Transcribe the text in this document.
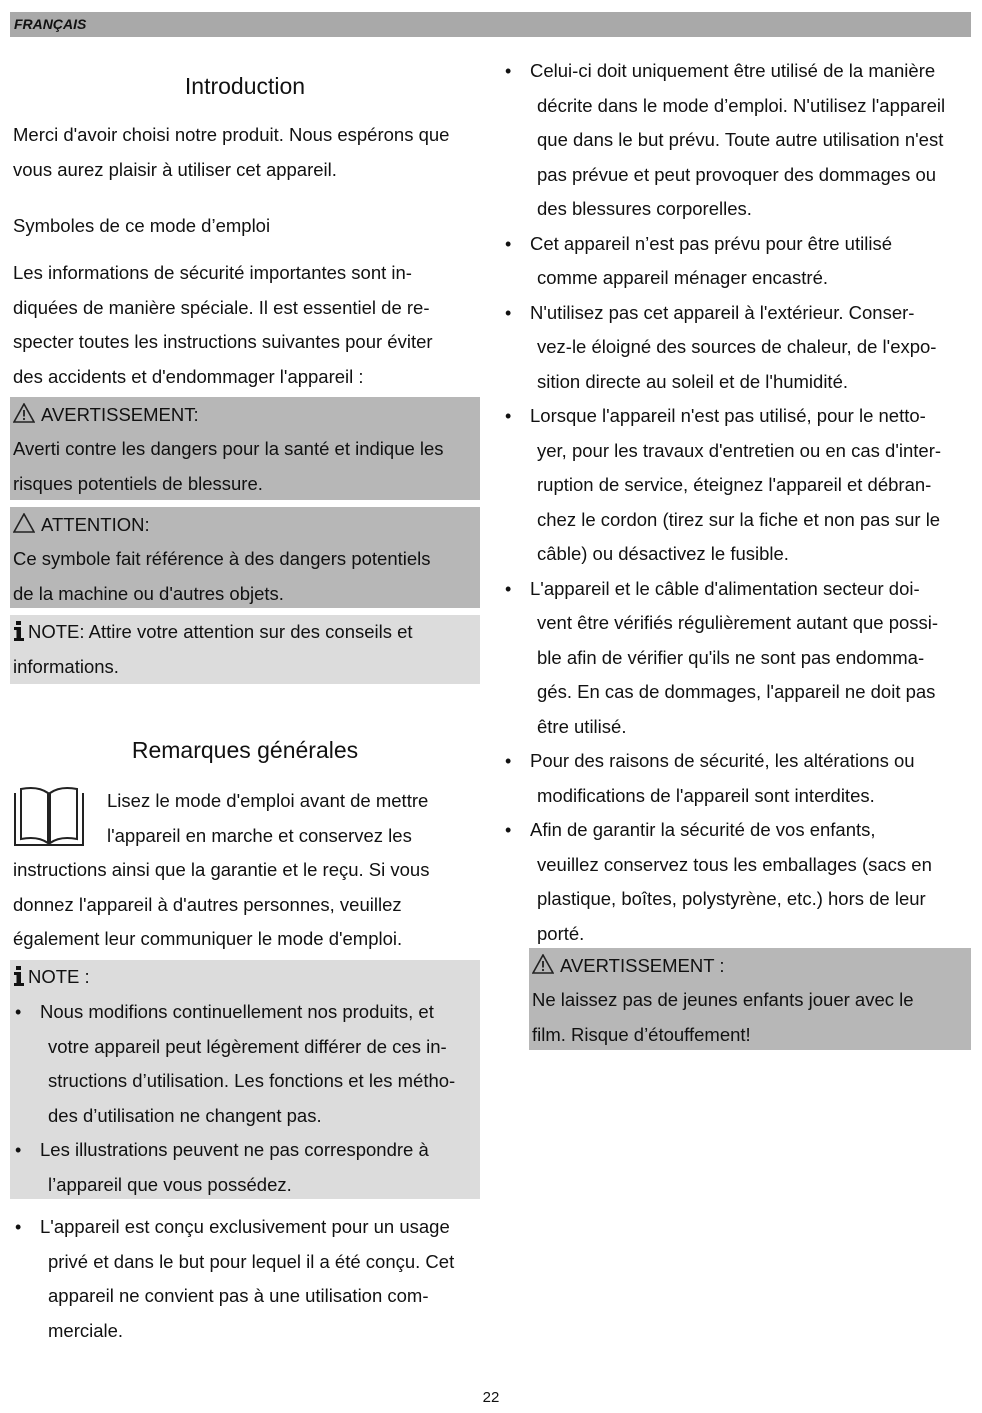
FRANÇAIS
Introduction
Merci d'avoir choisi notre produit. Nous espérons que
vous aurez plaisir à utiliser cet appareil.
Symboles de ce mode d’emploi
Les informations de sécurité importantes sont in-
diquées de manière spéciale. Il est essentiel de re-
specter toutes les instructions suivantes pour éviter
des accidents et d'endommager l'appareil :
AVERTISSEMENT:
Averti contre les dangers pour la santé et indique les
risques potentiels de blessure.
ATTENTION:
Ce symbole fait référence à des dangers potentiels
de la machine ou d'autres objets.
NOTE: Attire votre attention sur des conseils et
informations.
Remarques générales
Lisez le mode d'emploi avant de mettre
l'appareil en marche et conservez les
instructions ainsi que la garantie et le reçu. Si vous
donnez l'appareil à d'autres personnes, veuillez
également leur communiquer le mode d'emploi.
NOTE :
• Nous modifions continuellement nos produits, et
votre appareil peut légèrement différer de ces in-
structions d’utilisation. Les fonctions et les métho-
des d’utilisation ne changent pas.
• Les illustrations peuvent ne pas correspondre à
l’appareil que vous possédez.
• L'appareil est conçu exclusivement pour un usage
privé et dans le but pour lequel il a été conçu. Cet
appareil ne convient pas à une utilisation com-
merciale.
• Celui-ci doit uniquement être utilisé de la manière
décrite dans le mode d’emploi. N'utilisez l'appareil
que dans le but prévu. Toute autre utilisation n'est
pas prévue et peut provoquer des dommages ou
des blessures corporelles.
• Cet appareil n’est pas prévu pour être utilisé
comme appareil ménager encastré.
• N'utilisez pas cet appareil à l'extérieur. Conser-
vez-le éloigné des sources de chaleur, de l'expo-
sition directe au soleil et de l'humidité.
• Lorsque l'appareil n'est pas utilisé, pour le netto-
yer, pour les travaux d'entretien ou en cas d'inter-
ruption de service, éteignez l'appareil et débran-
chez le cordon (tirez sur la fiche et non pas sur le
câble) ou désactivez le fusible.
• L'appareil et le câble d'alimentation secteur doi-
vent être vérifiés régulièrement autant que possi-
ble afin de vérifier qu'ils ne sont pas endomma-
gés. En cas de dommages, l'appareil ne doit pas
être utilisé.
• Pour des raisons de sécurité, les altérations ou
modifications de l'appareil sont interdites.
• Afin de garantir la sécurité de vos enfants,
veuillez conservez tous les emballages (sacs en
plastique, boîtes, polystyrène, etc.) hors de leur
porté.
AVERTISSEMENT :
Ne laissez pas de jeunes enfants jouer avec le
film. Risque d’étouffement!
22
